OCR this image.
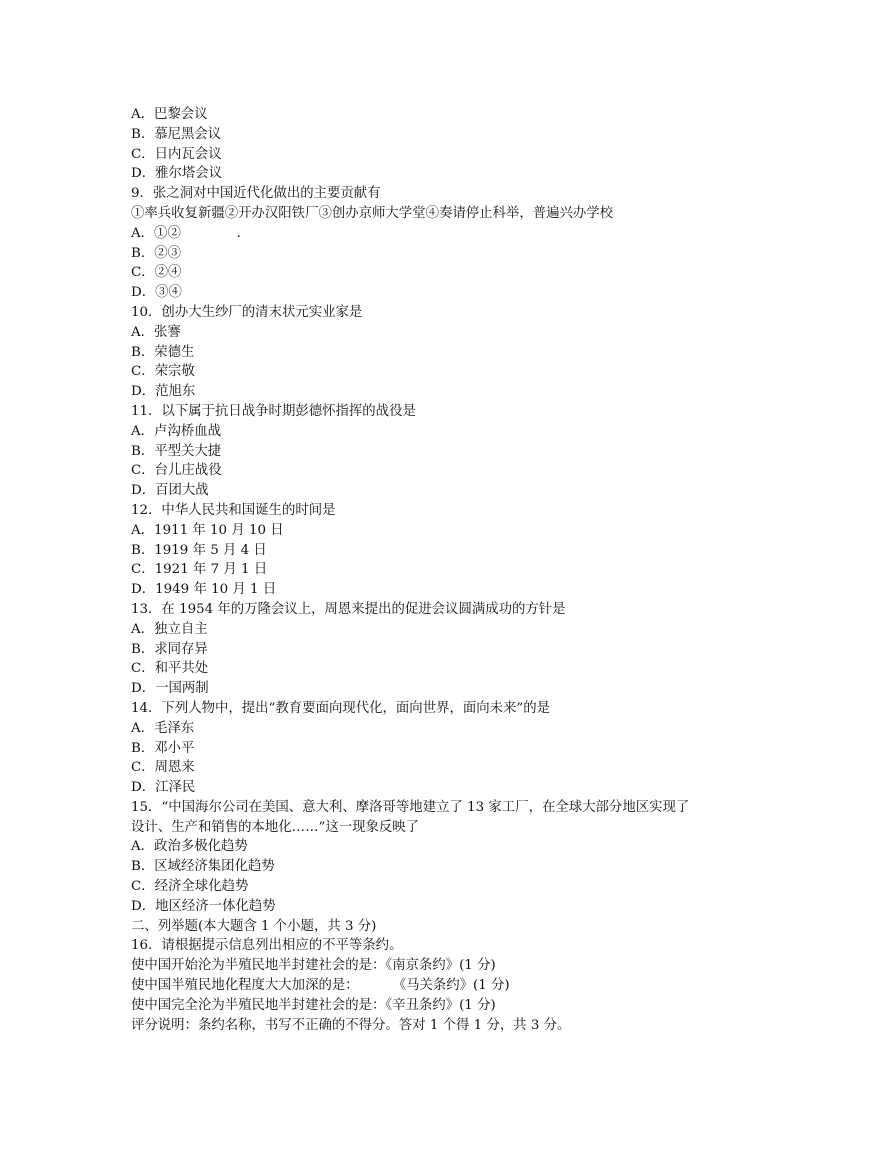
A．巴黎会议
B．慕尼黑会议
C．日内瓦会议
D．雅尔塔会议
9．张之洞对中国近代化做出的主要贡献有
①率兵收复新疆②开办汉阳铁厂③创办京师大学堂④奏请停止科举，普遍兴办学校
A．①②	.
B．②③
C．②④
D．③④
10．创办大生纱厂的清末状元实业家是
A．张謇
B．荣德生
C．荣宗敬
D．范旭东
11．以下属于抗日战争时期彭德怀指挥的战役是
A．卢沟桥血战
B．平型关大捷
C．台儿庄战役
D．百团大战
12．中华人民共和国诞生的时间是
A．1911 年 10 月 10 日
B．1919 年 5 月 4 日
C．1921 年 7 月 1 日
D．1949 年 10 月 1 日
13．在 1954 年的万隆会议上，周恩来提出的促进会议圆满成功的方针是
A．独立自主
B．求同存异
C．和平共处
D．一国两制
14．下列人物中，提出“教育要面向现代化，面向世界，面向未来”的是
A．毛泽东
B．邓小平
C．周恩来
D．江泽民
15．“中国海尔公司在美国、意大利、摩洛哥等地建立了 13 家工厂，在全球大部分地区实现了
设计、生产和销售的本地化……”这一现象反映了
A．政治多极化趋势
B．区域经济集团化趋势
C．经济全球化趋势
D．地区经济一体化趋势
二、列举题(本大题含 1 个小题，共 3 分)
16．请根据提示信息列出相应的不平等条约。
使中国开始沦为半殖民地半封建社会的是：《南京条约》(1 分)
使中国半殖民地化程度大大加深的是：        《马关条约》(1 分)
使中国完全沦为半殖民地半封建社会的是：《辛丑条约》(1 分)
评分说明：条约名称，书写不正确的不得分。答对 1 个得 1 分，共 3 分。
